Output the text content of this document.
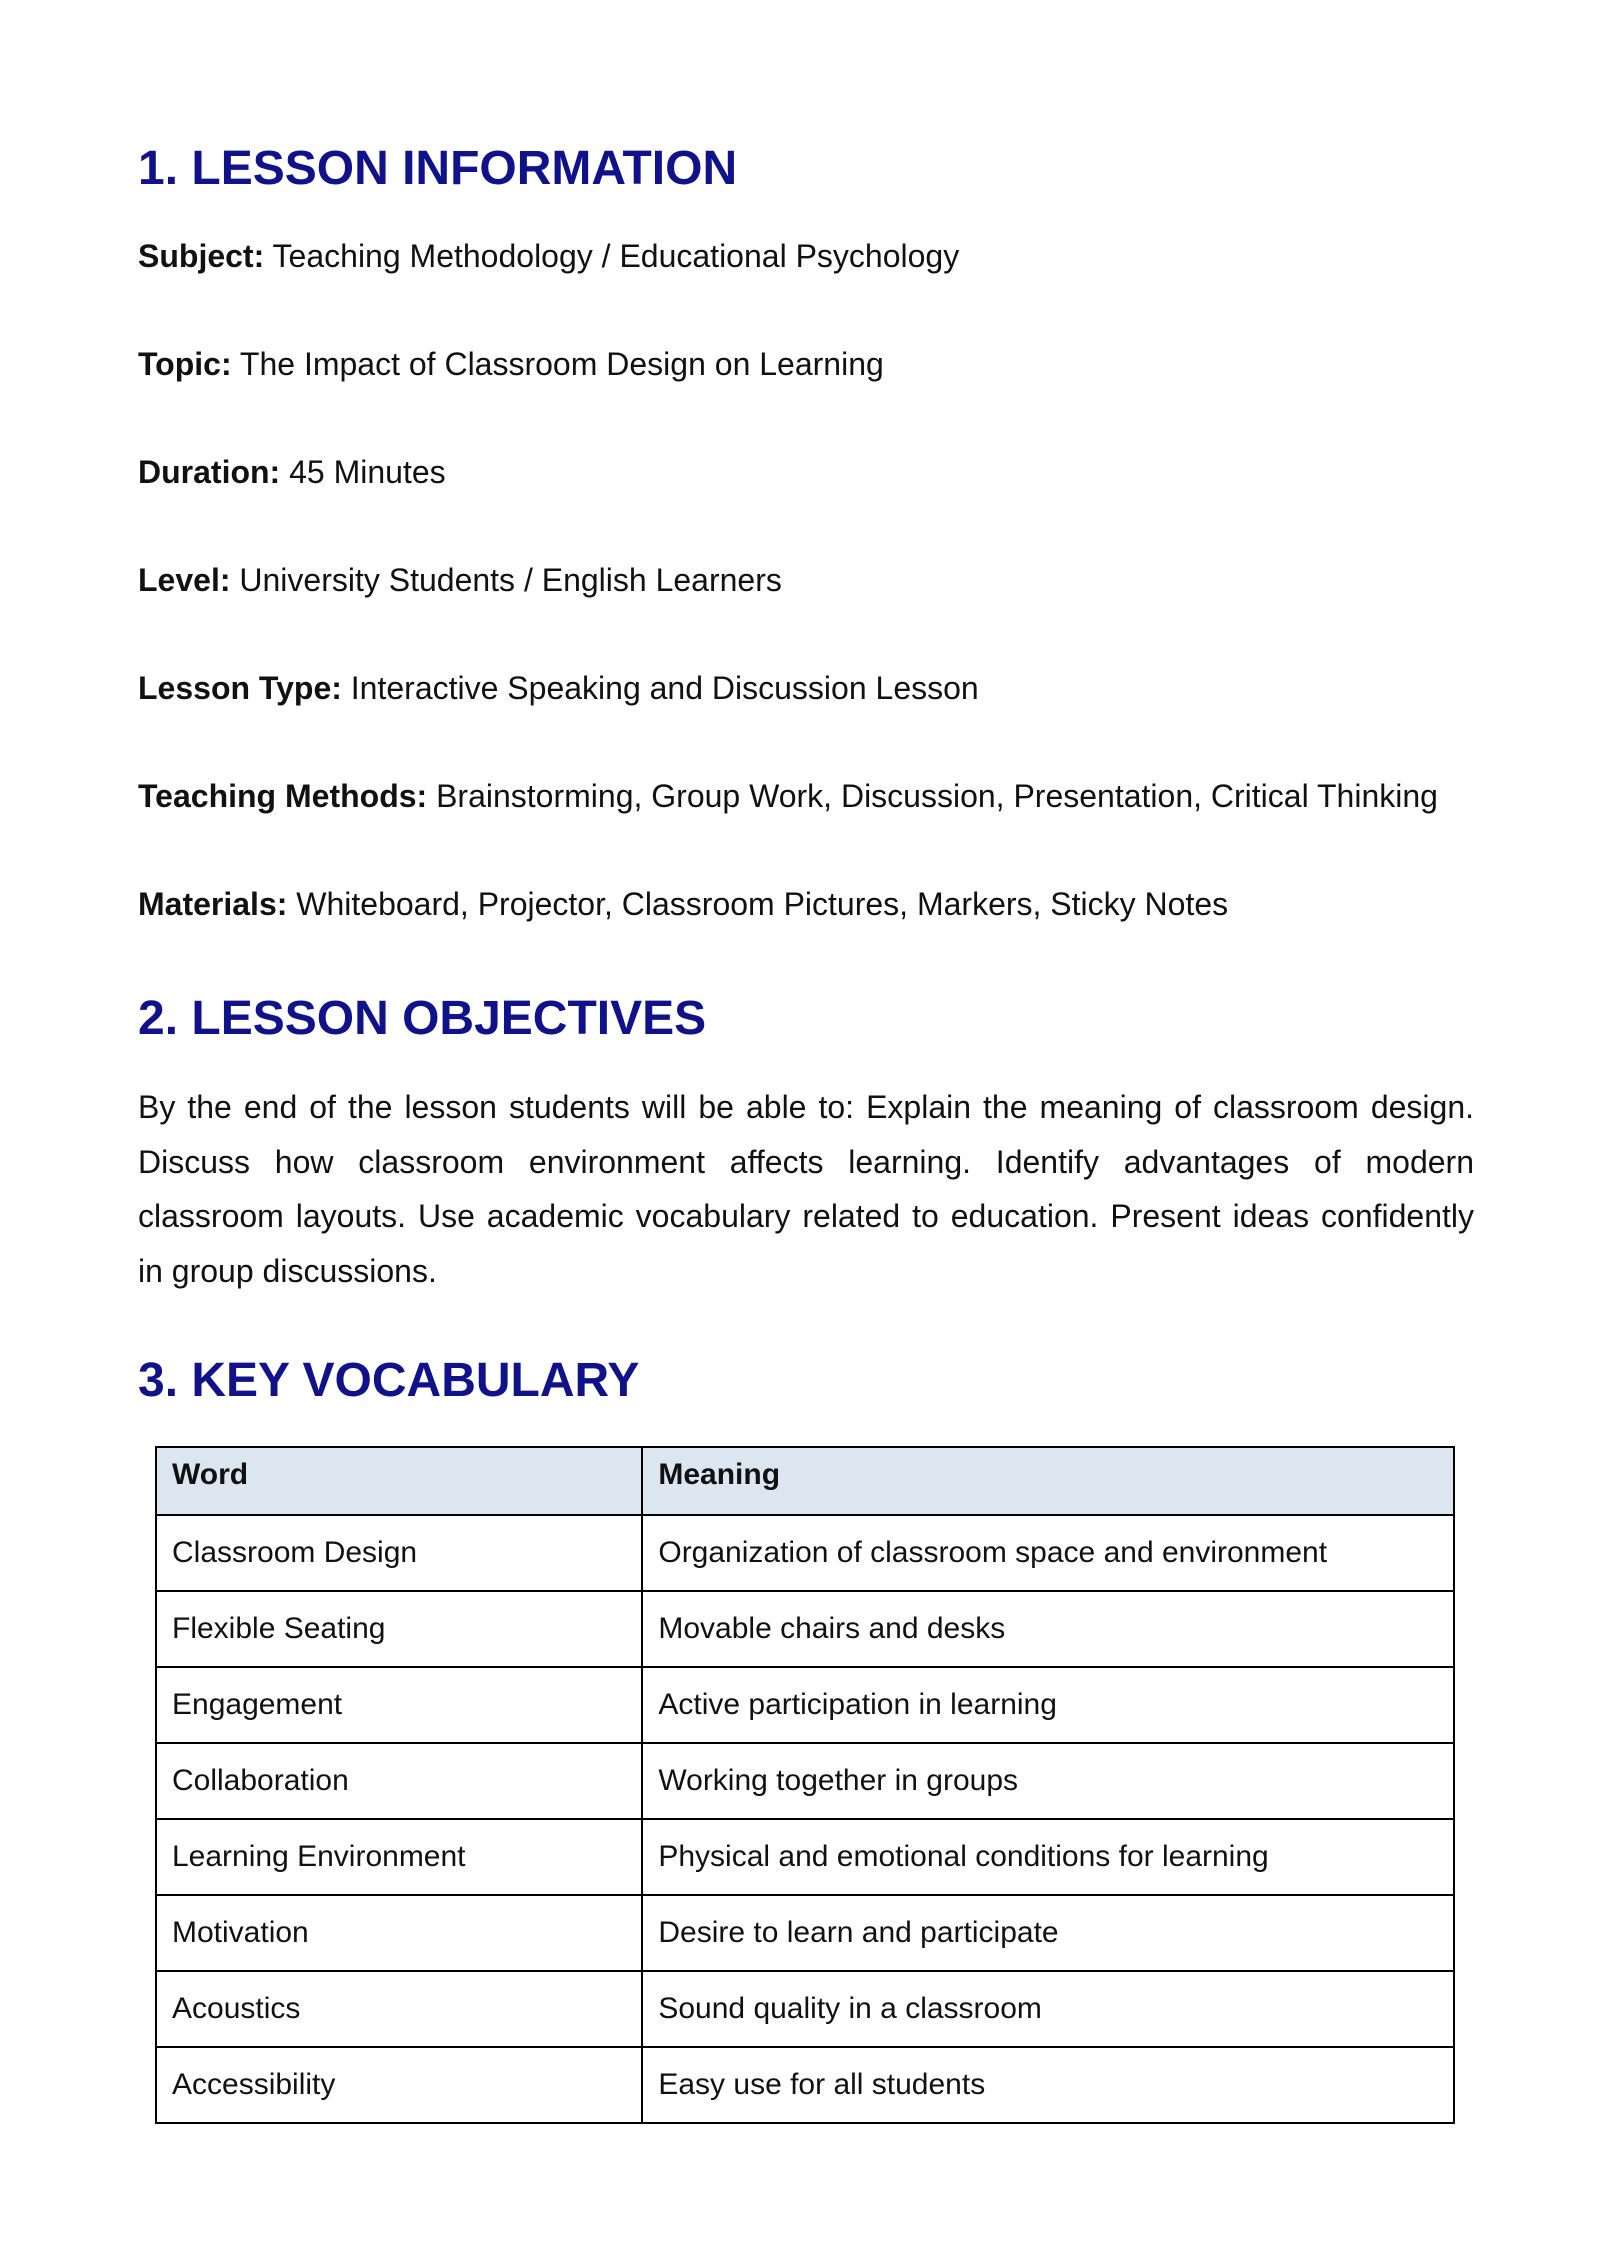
1. LESSON INFORMATION
Subject: Teaching Methodology / Educational Psychology
Topic: The Impact of Classroom Design on Learning
Duration: 45 Minutes
Level: University Students / English Learners
Lesson Type: Interactive Speaking and Discussion Lesson
Teaching Methods: Brainstorming, Group Work, Discussion, Presentation, Critical Thinking
Materials: Whiteboard, Projector, Classroom Pictures, Markers, Sticky Notes
2. LESSON OBJECTIVES

By the end of the lesson students will be able to: Explain the meaning of classroom design. Discuss how classroom environment affects learning. Identify advantages of modern classroom layouts. Use academic vocabulary related to education. Present ideas confidently in group discussions.

3. KEY VOCABULARY
Word	Meaning
Classroom Design	Organization of classroom space and environment
Flexible Seating	Movable chairs and desks
Engagement	Active participation in learning
Collaboration	Working together in groups
Learning Environment	Physical and emotional conditions for learning
Motivation	Desire to learn and participate
Acoustics	Sound quality in a classroom
Accessibility	Easy use for all students
